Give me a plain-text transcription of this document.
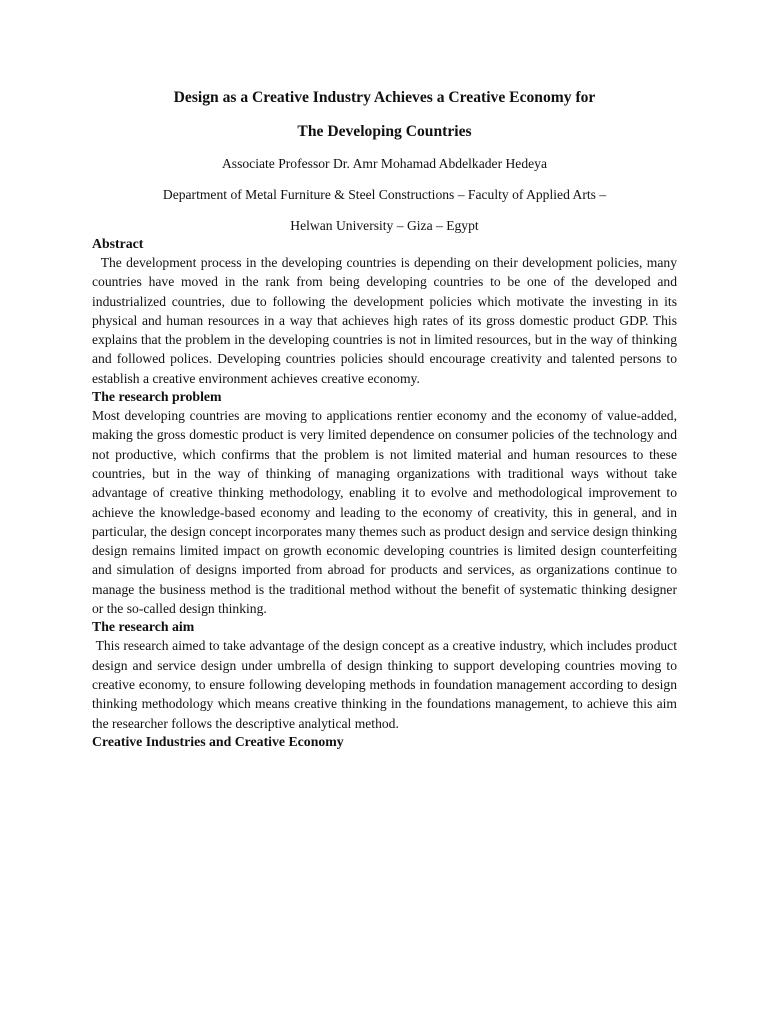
Design as a Creative Industry Achieves a Creative Economy for
The Developing Countries

Associate Professor Dr. Amr Mohamad Abdelkader Hedeya

Department of Metal Furniture & Steel Constructions – Faculty of Applied Arts –

Helwan University – Giza – Egypt

Abstract

The development process in the developing countries is depending on their development policies, many countries have moved in the rank from being developing countries to be one of the developed and industrialized countries, due to following the development policies which motivate the investing in its physical and human resources in a way that achieves high rates of its gross domestic product GDP. This explains that the problem in the developing countries is not in limited resources, but in the way of thinking and followed polices. Developing countries policies should encourage creativity and talented persons to establish a creative environment achieves creative economy.

The research problem

Most developing countries are moving to applications rentier economy and the economy of value-added, making the gross domestic product is very limited dependence on consumer policies of the technology and not productive, which confirms that the problem is not limited material and human resources to these countries, but in the way of thinking of managing organizations with traditional ways without take advantage of creative thinking methodology, enabling it to evolve and methodological improvement to achieve the knowledge-based economy and leading to the economy of creativity, this in general, and in particular, the design concept incorporates many themes such as product design and service design thinking design remains limited impact on growth economic developing countries is limited design counterfeiting and simulation of designs imported from abroad for products and services, as organizations continue to manage the business method is the traditional method without the benefit of systematic thinking designer or the so-called design thinking.

The research aim

This research aimed to take advantage of the design concept as a creative industry, which includes product design and service design under umbrella of design thinking to support developing countries moving to creative economy, to ensure following developing methods in foundation management according to design thinking methodology which means creative thinking in the foundations management, to achieve this aim the researcher follows the descriptive analytical method.

Creative Industries and Creative Economy
